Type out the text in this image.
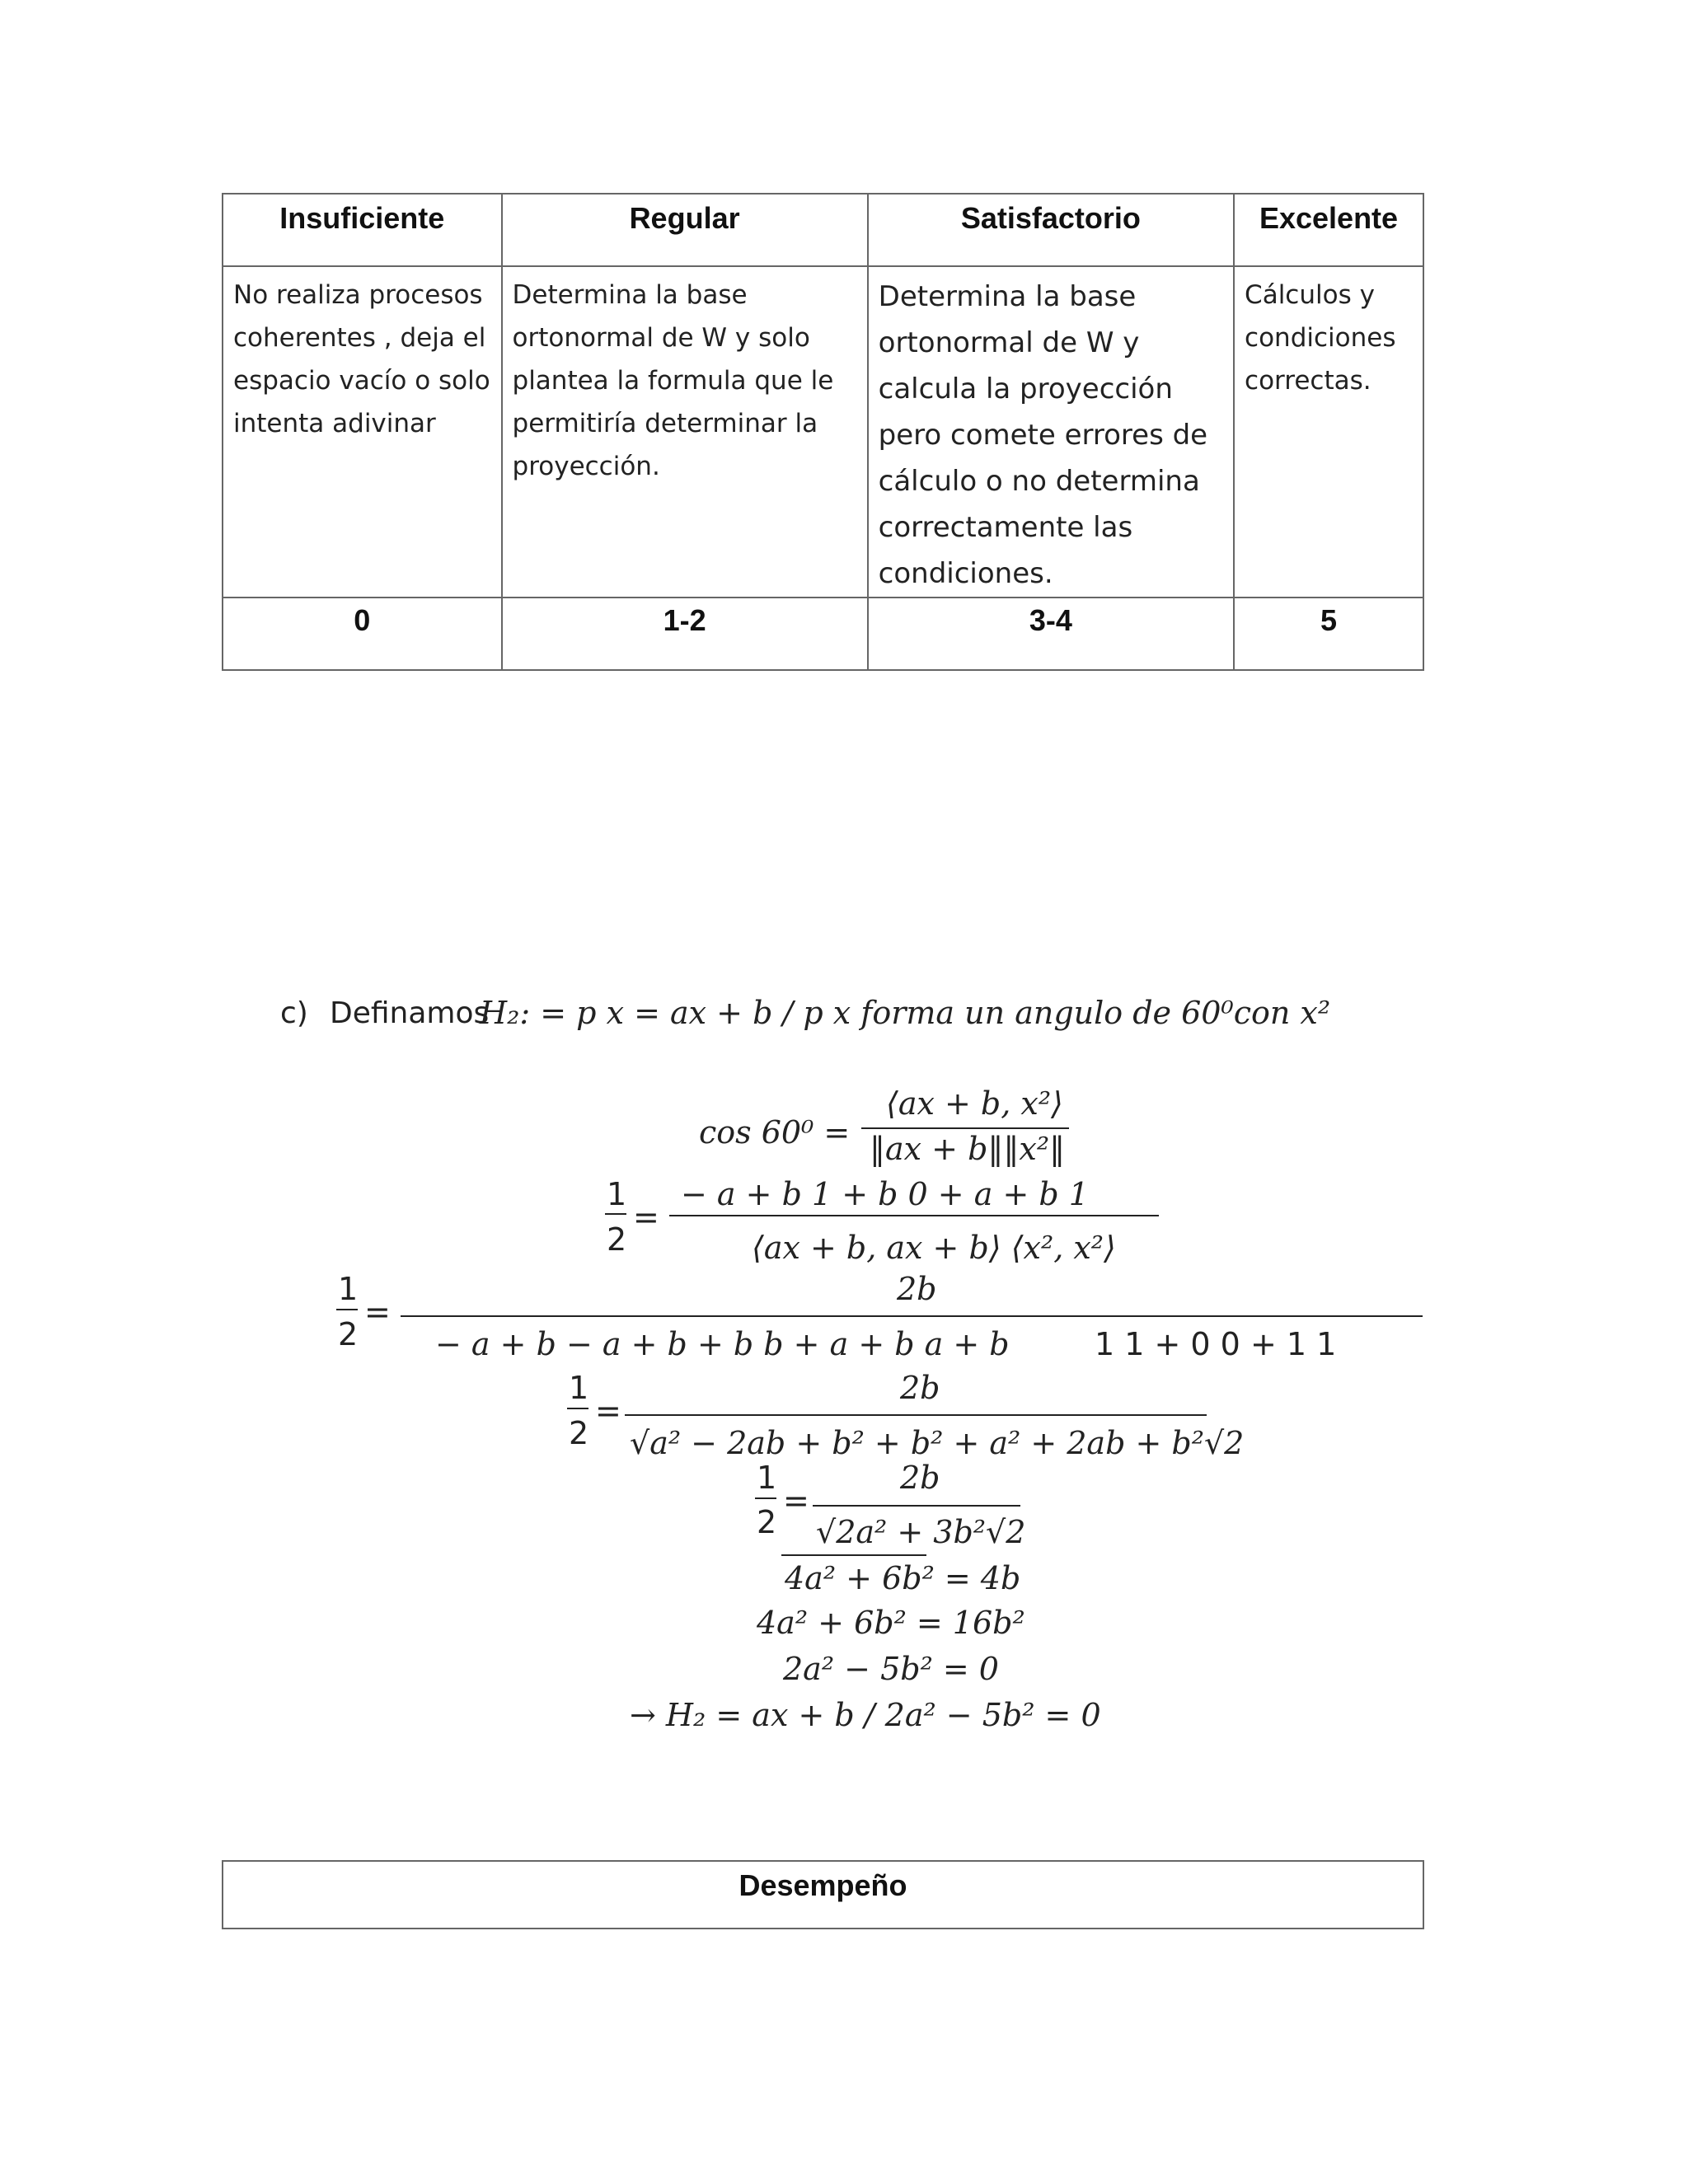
Insuficiente	Regular	Satisfactorio	Excelente
No realiza procesos coherentes , deja el espacio vacío o solo intenta adivinar	Determina la base ortonormal de W y solo plantea la formula que le permitiría determinar la proyección.	Determina la base ortonormal de W y calcula la proyección pero comete errores de cálculo o no determina correctamente las condiciones.	Cálculos y condiciones correctas.
0	1-2	3-4	5
c) Definamos
H₂: = p x = ax + b / p x forma un angulo de 60⁰con x²
cos 60⁰ =
⟨ax + b, x²⟩
‖ax + b‖‖x²‖
1
2
=
− a + b 1 + b 0 + a + b 1
⟨ax + b, ax + b⟩ ⟨x², x²⟩
1
2
=
2b
− a + b − a + b + b b + a + b a + b	1 1 + 0 0 + 1 1
1
2
=
2b
√a² − 2ab + b² + b² + a² + 2ab + b²√2
1
2
=
2b
√2a² + 3b²√2
4a² + 6b² = 4b
4a² + 6b² = 16b²
2a² − 5b² = 0
→ H₂ = ax + b / 2a² − 5b² = 0
Desempeño
